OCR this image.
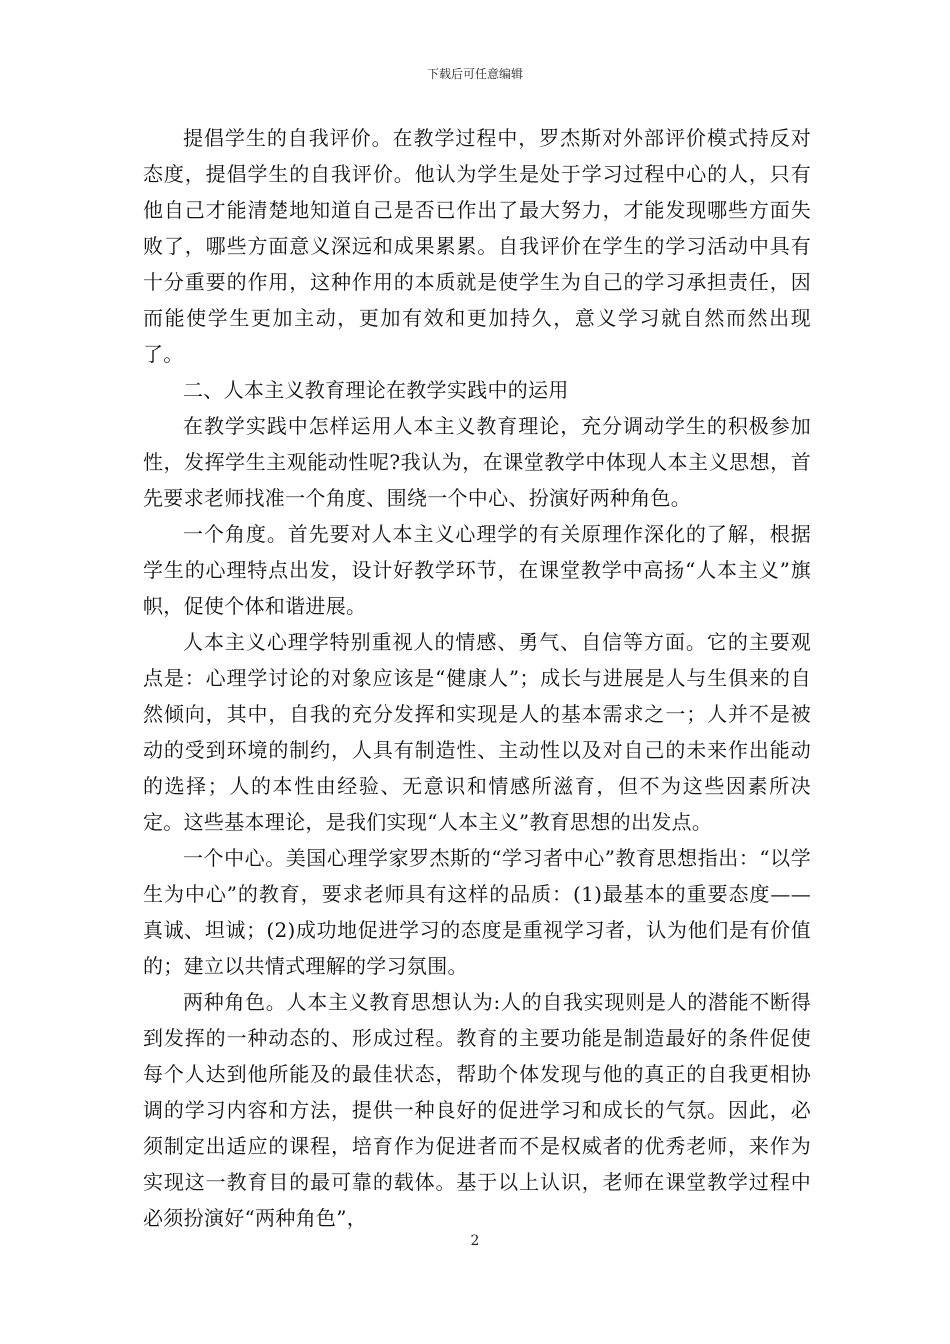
下载后可任意编辑

提倡学生的自我评价。在教学过程中，罗杰斯对外部评价模式持反对态度，提倡学生的自我评价。他认为学生是处于学习过程中心的人，只有他自己才能清楚地知道自己是否已作出了最大努力，才能发现哪些方面失败了，哪些方面意义深远和成果累累。自我评价在学生的学习活动中具有十分重要的作用，这种作用的本质就是使学生为自己的学习承担责任，因而能使学生更加主动，更加有效和更加持久，意义学习就自然而然出现了。

二、人本主义教育理论在教学实践中的运用

在教学实践中怎样运用人本主义教育理论，充分调动学生的积极参加性，发挥学生主观能动性呢?我认为，在课堂教学中体现人本主义思想，首先要求老师找准一个角度、围绕一个中心、扮演好两种角色。

一个角度。首先要对人本主义心理学的有关原理作深化的了解，根据学生的心理特点出发，设计好教学环节，在课堂教学中高扬“人本主义”旗帜，促使个体和谐进展。

人本主义心理学特别重视人的情感、勇气、自信等方面。它的主要观点是：心理学讨论的对象应该是“健康人”；成长与进展是人与生俱来的自然倾向，其中，自我的充分发挥和实现是人的基本需求之一；人并不是被动的受到环境的制约，人具有制造性、主动性以及对自己的未来作出能动的选择；人的本性由经验、无意识和情感所滋育，但不为这些因素所决定。这些基本理论，是我们实现“人本主义”教育思想的出发点。

一个中心。美国心理学家罗杰斯的“学习者中心”教育思想指出：“以学生为中心”的教育，要求老师具有这样的品质：(1)最基本的重要态度——真诚、坦诚；(2)成功地促进学习的态度是重视学习者，认为他们是有价值的；建立以共情式理解的学习氛围。

两种角色。人本主义教育思想认为:人的自我实现则是人的潜能不断得到发挥的一种动态的、形成过程。教育的主要功能是制造最好的条件促使每个人达到他所能及的最佳状态，帮助个体发现与他的真正的自我更相协调的学习内容和方法，提供一种良好的促进学习和成长的气氛。因此，必须制定出适应的课程，培育作为促进者而不是权威者的优秀老师，来作为实现这一教育目的最可靠的载体。基于以上认识，老师在课堂教学过程中必须扮演好“两种角色”，

2
